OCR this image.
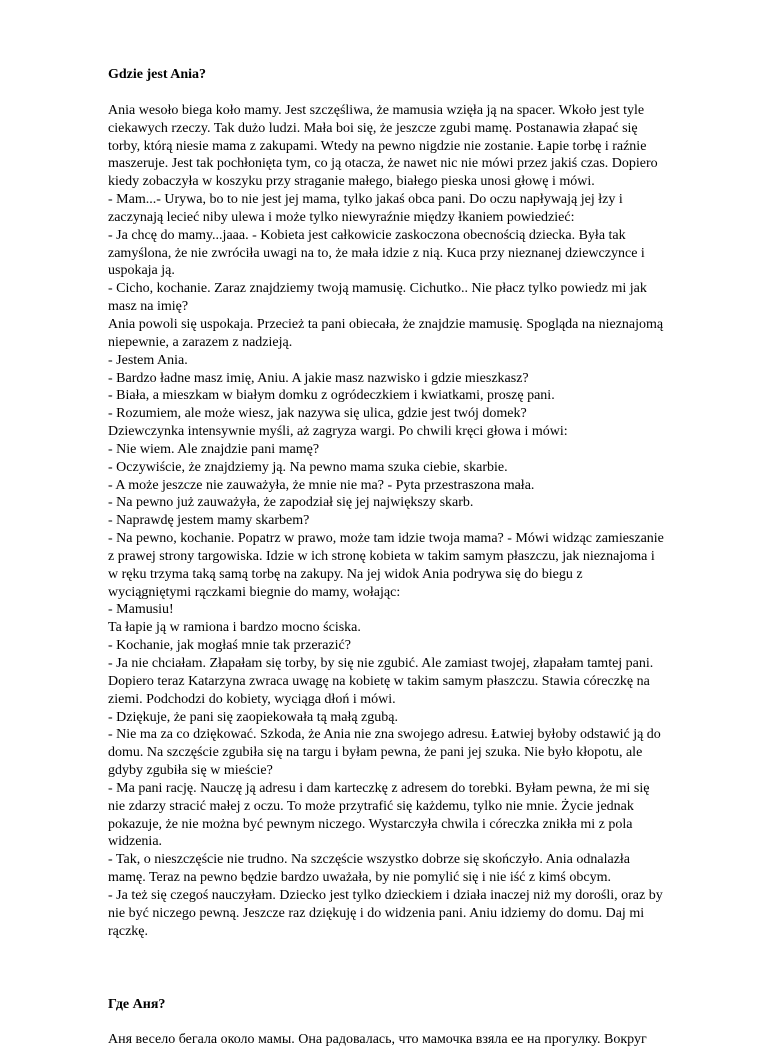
Gdzie jest Ania?

Ania wesoło biega koło mamy. Jest szczęśliwa, że mamusia wzięła ją na spacer. Wkoło jest tyle ciekawych rzeczy. Tak dużo ludzi. Mała boi się, że jeszcze zgubi mamę. Postanawia złapać się torby, którą niesie mama z zakupami. Wtedy na pewno nigdzie nie zostanie. Łapie torbę i raźnie maszeruje. Jest tak pochłonięta tym, co ją otacza, że nawet nic nie mówi przez jakiś czas. Dopiero kiedy zobaczyła w koszyku przy straganie małego, białego pieska unosi głowę i mówi.

- Mam...- Urywa, bo to nie jest jej mama, tylko jakaś obca pani. Do oczu napływają jej łzy i zaczynają lecieć niby ulewa i może tylko niewyraźnie między łkaniem powiedzieć:

- Ja chcę do mamy...jaaa. - Kobieta jest całkowicie zaskoczona obecnością dziecka. Była tak zamyślona, że nie zwróciła uwagi na to, że mała idzie z nią. Kuca przy nieznanej dziewczynce i uspokaja ją.

- Cicho, kochanie. Zaraz znajdziemy twoją mamusię. Cichutko.. Nie płacz tylko powiedz mi jak masz na imię?

Ania powoli się uspokaja. Przecież ta pani obiecała, że znajdzie mamusię. Spogląda na nieznajomą niepewnie, a zarazem z nadzieją.

- Jestem Ania.

- Bardzo ładne masz imię, Aniu. A jakie masz nazwisko i gdzie mieszkasz?

- Biała, a mieszkam w białym domku z ogródeczkiem i kwiatkami, proszę pani.

- Rozumiem, ale może wiesz, jak nazywa się ulica, gdzie jest twój domek?

Dziewczynka intensywnie myśli, aż zagryza wargi. Po chwili kręci głowa i mówi:

- Nie wiem. Ale znajdzie pani mamę?

- Oczywiście, że znajdziemy ją. Na pewno mama szuka ciebie, skarbie.

- A może jeszcze nie zauważyła, że mnie nie ma? - Pyta przestraszona mała.

- Na pewno już zauważyła, że zapodział się jej największy skarb.

- Naprawdę jestem mamy skarbem?

- Na pewno, kochanie. Popatrz w prawo, może tam idzie twoja mama? - Mówi widząc zamieszanie z prawej strony targowiska. Idzie w ich stronę kobieta w takim samym płaszczu, jak nieznajoma i w ręku trzyma taką samą torbę na zakupy. Na jej widok Ania podrywa się do biegu z wyciągniętymi rączkami biegnie do mamy, wołając:

- Mamusiu!

Ta łapie ją w ramiona i bardzo mocno ściska.

- Kochanie, jak mogłaś mnie tak przerazić?

- Ja nie chciałam. Złapałam się torby, by się nie zgubić. Ale zamiast twojej, złapałam tamtej pani. Dopiero teraz Katarzyna zwraca uwagę na kobietę w takim samym płaszczu. Stawia córeczkę na ziemi. Podchodzi do kobiety, wyciąga dłoń i mówi.

- Dziękuje, że pani się zaopiekowała tą małą zgubą.

- Nie ma za co dziękować. Szkoda, że Ania nie zna swojego adresu. Łatwiej byłoby odstawić ją do domu. Na szczęście zgubiła się na targu i byłam pewna, że pani jej szuka. Nie było kłopotu, ale gdyby zgubiła się w mieście?

- Ma pani rację. Nauczę ją adresu i dam karteczkę z adresem do torebki. Byłam pewna, że mi się nie zdarzy stracić małej z oczu. To może przytrafić się każdemu, tylko nie mnie. Życie jednak pokazuje, że nie można być pewnym niczego. Wystarczyła chwila i córeczka znikła mi z pola widzenia.

- Tak, o nieszczęście nie trudno. Na szczęście wszystko dobrze się skończyło. Ania odnalazła mamę. Teraz na pewno będzie bardzo uważała, by nie pomylić się i nie iść z kimś obcym.

- Ja też się czegoś nauczyłam. Dziecko jest tylko dzieckiem i działa inaczej niż my dorośli, oraz by nie być niczego pewną. Jeszcze raz dziękuję i do widzenia pani. Aniu idziemy do domu. Daj mi rączkę.

Где Аня?

Аня весело бегала около мамы. Она радовалась, что мамочка взяла ее на прогулку. Вокруг
